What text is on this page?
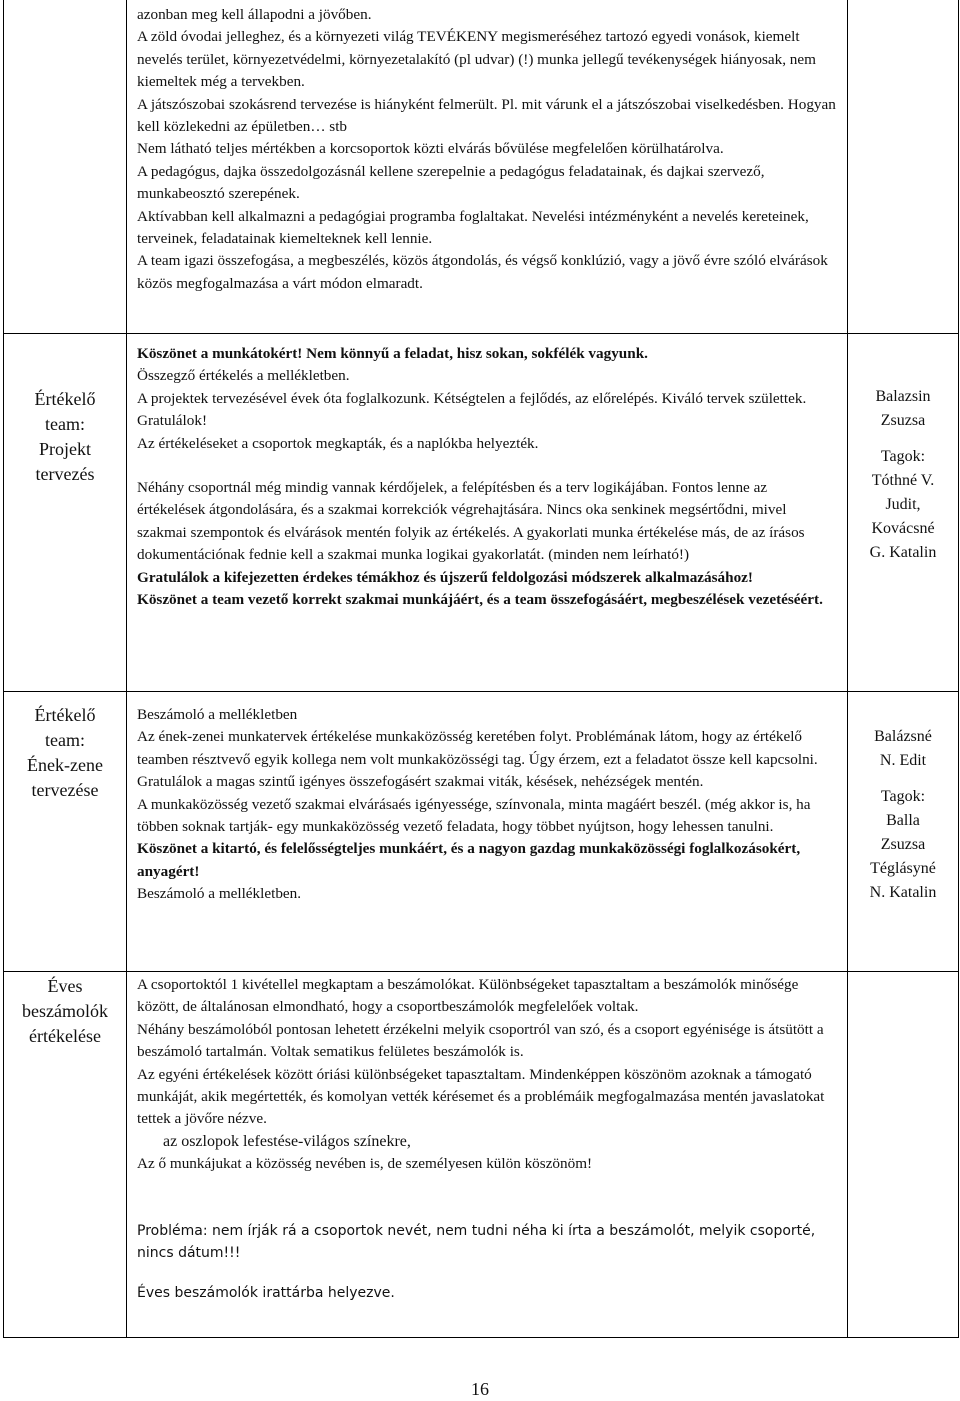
azonban meg kell állapodni a jövőben.

A zöld óvodai jelleghez, és a környezeti világ TEVÉKENY megismeréséhez tartozó egyedi vonások, kiemelt nevelés terület, környezetvédelmi, környezetalakító (pl udvar) (!) munka jellegű tevékenységek hiányosak, nem kiemeltek még a tervekben.

A játszószobai szokásrend tervezése is hiányként felmerült. Pl. mit várunk el a játszószobai viselkedésben. Hogyan kell közlekedni az épületben… stb

Nem látható teljes mértékben a korcsoportok közti elvárás bővülése megfelelően körülhatárolva.

A pedagógus, dajka összedolgozásnál kellene szerepelnie a pedagógus feladatainak, és dajkai szervező, munkabeosztó szerepének.

Aktívabban kell alkalmazni a pedagógiai programba foglaltakat. Nevelési intézményként a nevelés kereteinek, terveinek, feladatainak kiemelteknek kell lennie.

A team igazi összefogása, a megbeszélés, közös átgondolás, és végső konklúzió, vagy a jövő évre szóló elvárások közös megfogalmazása a várt módon elmaradt.

Értékelő
team:
Projekt
tervezés

Köszönet a munkátokért! Nem könnyű a feladat, hisz sokan, sokfélék vagyunk.

Összegző értékelés a mellékletben.

A projektek tervezésével évek óta foglalkozunk. Kétségtelen a fejlődés, az előrelépés. Kiváló tervek születtek. Gratulálok!

Az értékeléseket a csoportok megkapták, és a naplókba helyezték.

Néhány csoportnál még mindig vannak kérdőjelek, a felépítésben és a terv logikájában. Fontos lenne az értékelések átgondolására, és a szakmai korrekciók végrehajtására. Nincs oka senkinek megsértődni, mivel szakmai szempontok és elvárások mentén folyik az értékelés. A gyakorlati munka értékelése más, de az írásos dokumentációnak fednie kell a szakmai munka logikai gyakorlatát. (minden nem leírható!)

Gratulálok a kifejezetten érdekes témákhoz és újszerű feldolgozási módszerek alkalmazásához!

Köszönet a team vezető korrekt szakmai munkájáért, és a team összefogásáért, megbeszélések vezetéséért.

Balazsin
Zsuzsa
Tagok:
Tóthné V.
Judit,
Kovácsné
G. Katalin
Értékelő
team:
Ének-zene
tervezése

Beszámoló a mellékletben

Az ének-zenei munkatervek értékelése munkaközösség keretében folyt. Problémának látom, hogy az értékelő teamben résztvevő egyik kollega nem volt munkaközösségi tag. Úgy érzem, ezt a feladatot össze kell kapcsolni.

Gratulálok a magas szintű igényes összefogásért szakmai viták, késések, nehézségek mentén.

A munkaközösség vezető szakmai elvárásaés igényessége, színvonala, minta magáért beszél. (még akkor is, ha többen soknak tartják- egy munkaközösség vezető feladata, hogy többet nyújtson, hogy lehessen tanulni.

Köszönet a kitartó, és felelősségteljes munkáért, és a nagyon gazdag munkaközösségi foglalkozásokért, anyagért!

Beszámoló a mellékletben.

Balázsné
N. Edit
Tagok:
Balla
Zsuzsa
Téglásyné
N. Katalin
Éves
beszámolók
értékelése

A csoportoktól 1 kivétellel megkaptam a beszámolókat. Különbségeket tapasztaltam a beszámolók minősége között, de általánosan elmondható, hogy a csoportbeszámolók megfelelőek voltak.

Néhány beszámolóból pontosan lehetett érzékelni melyik csoportról van szó, és a csoport egyénisége is átsütött a beszámoló tartalmán. Voltak sematikus felületes beszámolók is.

Az egyéni értékelések között óriási különbségeket tapasztaltam. Mindenképpen köszönöm azoknak a támogató munkáját, akik megértették, és komolyan vették kérésemet és a problémáik megfogalmazása mentén javaslatokat tettek a jövőre nézve.

az oszlopok lefestése-világos színekre,

Az ő munkájukat a közösség nevében is, de személyesen külön köszönöm!

Probléma: nem írják rá a csoportok nevét, nem tudni néha ki írta a beszámolót, melyik csoporté, nincs dátum!!!

Éves beszámolók irattárba helyezve.

16
